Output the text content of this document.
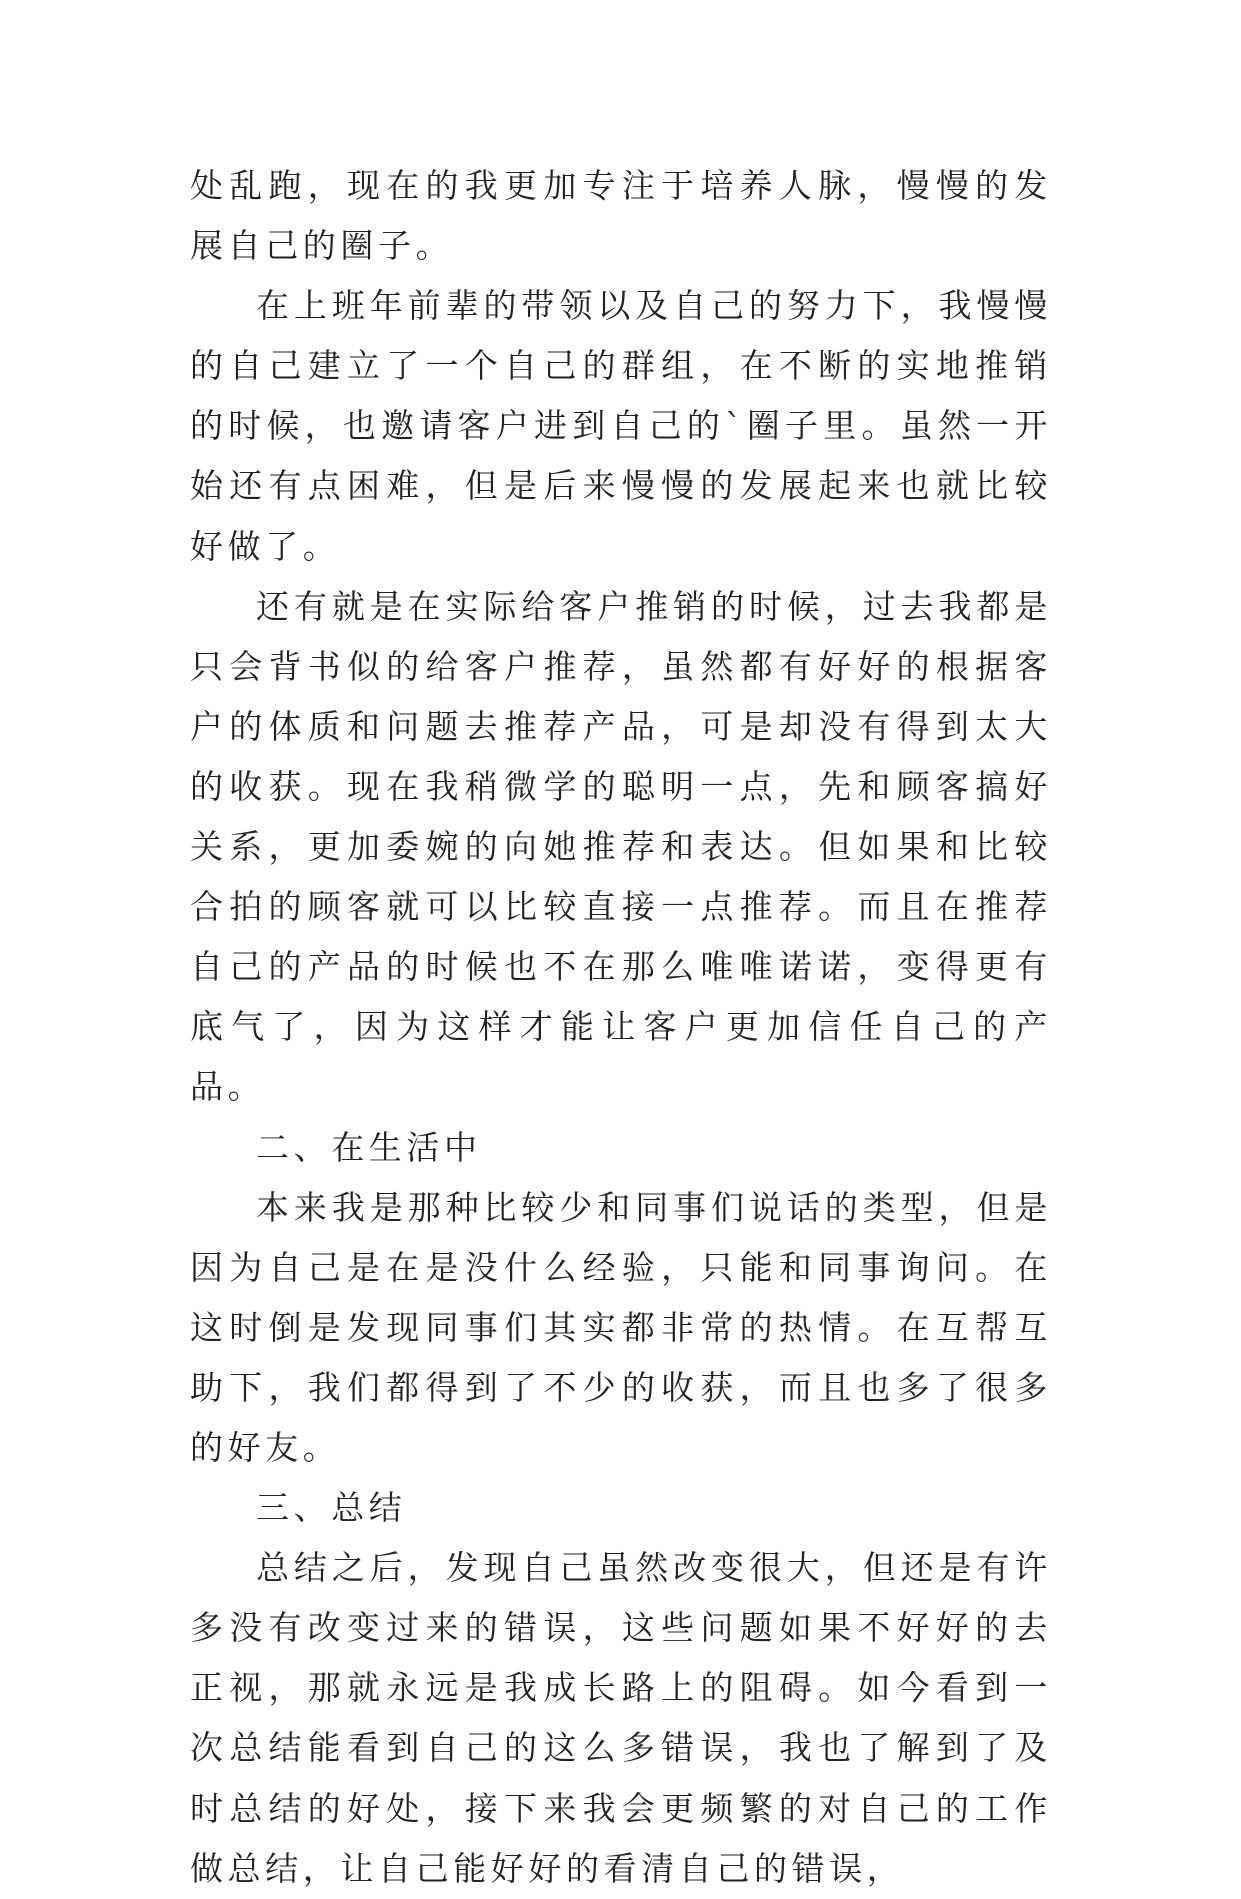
处乱跑，现在的我更加专注于培养人脉，慢慢的发展自己的圈子。

在上班年前辈的带领以及自己的努力下，我慢慢的自己建立了一个自己的群组，在不断的实地推销的时候，也邀请客户进到自己的`圈子里。虽然一开始还有点困难，但是后来慢慢的发展起来也就比较好做了。

还有就是在实际给客户推销的时候，过去我都是只会背书似的给客户推荐，虽然都有好好的根据客户的体质和问题去推荐产品，可是却没有得到太大的收获。现在我稍微学的聪明一点，先和顾客搞好关系，更加委婉的向她推荐和表达。但如果和比较合拍的顾客就可以比较直接一点推荐。而且在推荐自己的产品的时候也不在那么唯唯诺诺，变得更有底气了，因为这样才能让客户更加信任自己的产品。

二、在生活中

本来我是那种比较少和同事们说话的类型，但是因为自己是在是没什么经验，只能和同事询问。在这时倒是发现同事们其实都非常的热情。在互帮互助下，我们都得到了不少的收获，而且也多了很多的好友。

三、总结

总结之后，发现自己虽然改变很大，但还是有许多没有改变过来的错误，这些问题如果不好好的去正视，那就永远是我成长路上的阻碍。如今看到一次总结能看到自己的这么多错误，我也了解到了及时总结的好处，接下来我会更频繁的对自己的工作做总结，让自己能好好的看清自己的错误，
